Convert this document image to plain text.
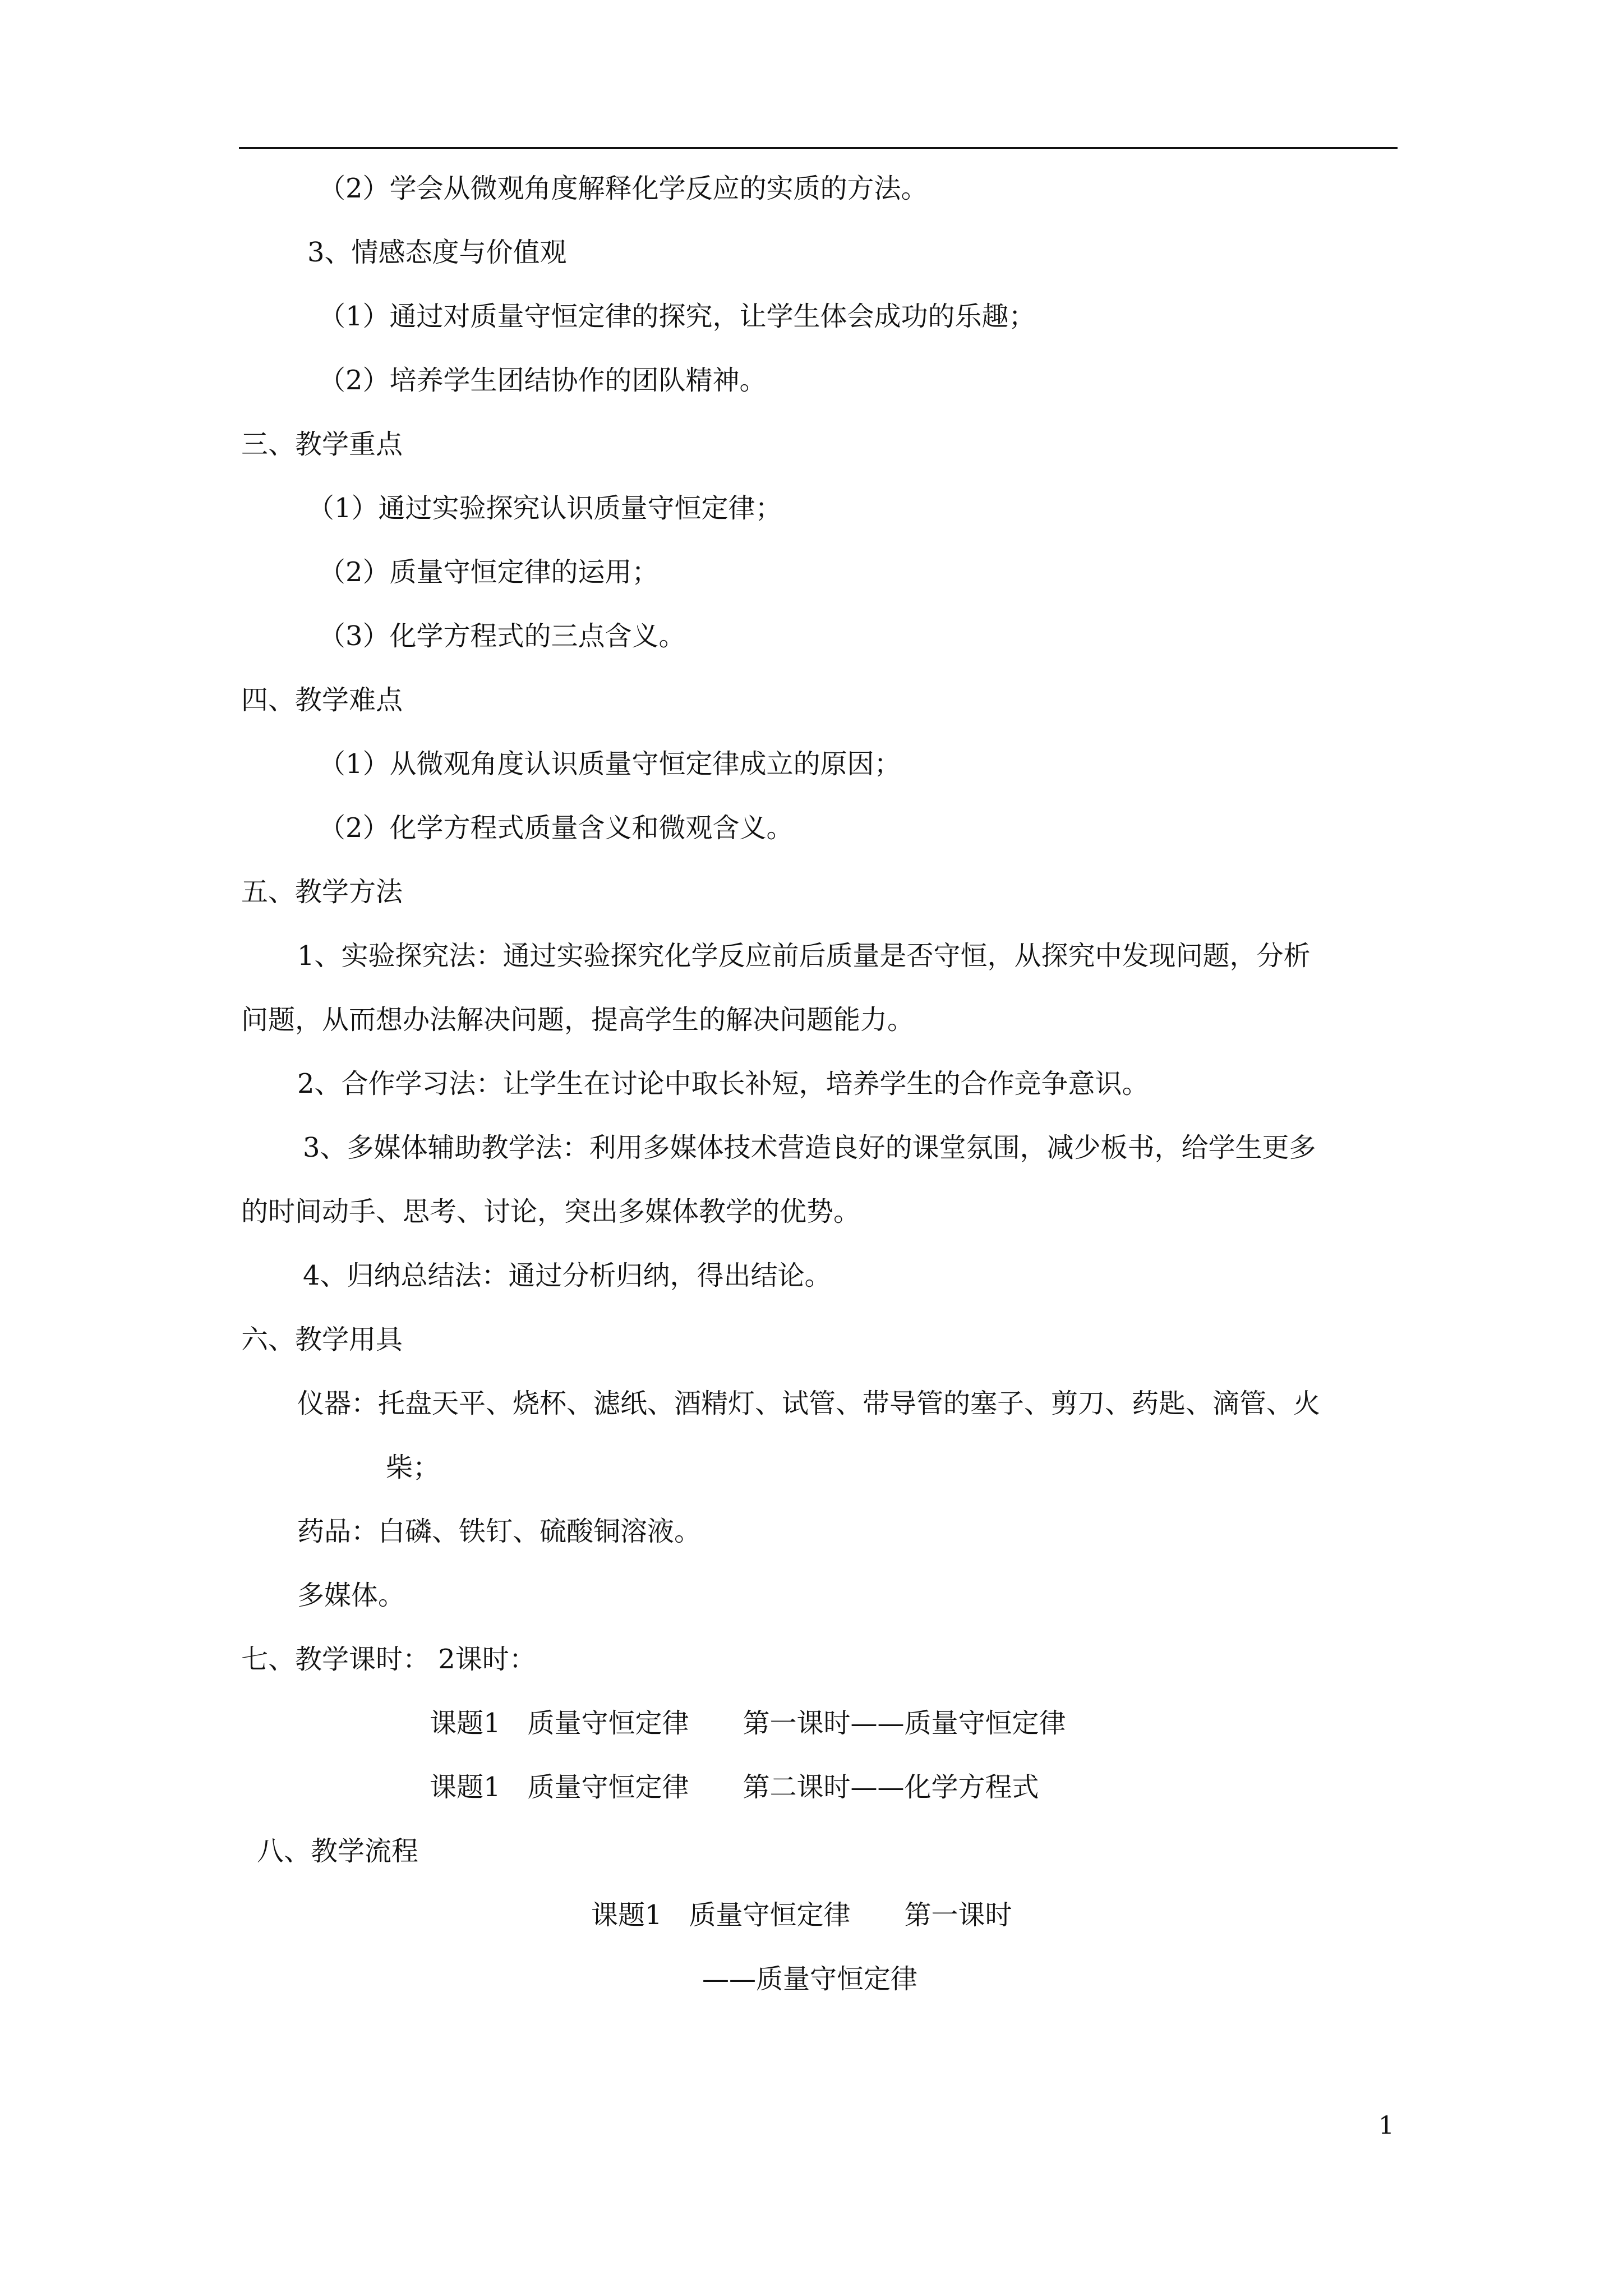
（2）学会从微观角度解释化学反应的实质的方法。
3、情感态度与价值观
（1）通过对质量守恒定律的探究，让学生体会成功的乐趣；
（2）培养学生团结协作的团队精神。
三、教学重点
（1）通过实验探究认识质量守恒定律；
（2）质量守恒定律的运用；
（3）化学方程式的三点含义。
四、教学难点
（1）从微观角度认识质量守恒定律成立的原因；
（2）化学方程式质量含义和微观含义。
五、教学方法
1、实验探究法：通过实验探究化学反应前后质量是否守恒，从探究中发现问题，分析
问题，从而想办法解决问题，提高学生的解决问题能力。
2、合作学习法：让学生在讨论中取长补短，培养学生的合作竞争意识。
3、多媒体辅助教学法：利用多媒体技术营造良好的课堂氛围，减少板书，给学生更多
的时间动手、思考、讨论，突出多媒体教学的优势。
4、归纳总结法：通过分析归纳，得出结论。
六、教学用具
仪器：托盘天平、烧杯、滤纸、酒精灯、试管、带导管的塞子、剪刀、药匙、滴管、火
柴；
药品：白磷、铁钉、硫酸铜溶液。
多媒体。
七、教学课时： 2课时：
课题1　质量守恒定律　　第一课时——质量守恒定律
课题1　质量守恒定律　　第二课时——化学方程式
八、教学流程
课题1　质量守恒定律　　第一课时
——质量守恒定律
1
